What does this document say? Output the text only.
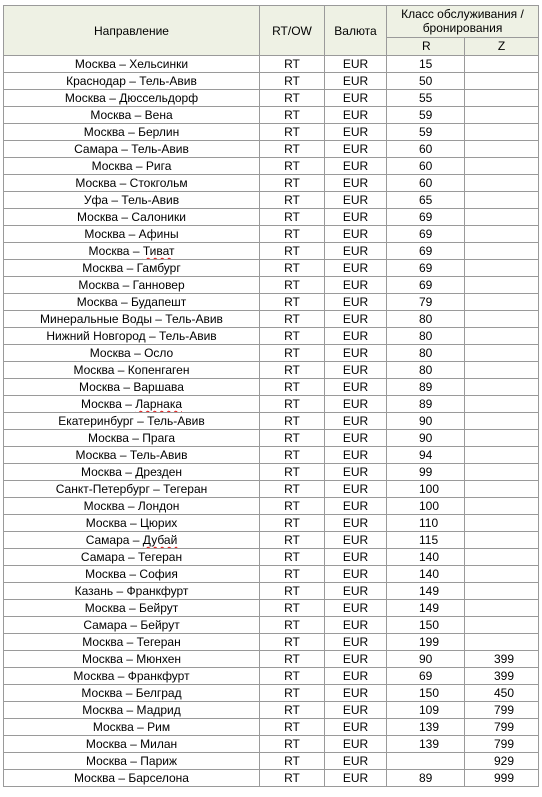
Направление	RT/OW	Валюта	Класс обслуживания / бронирования	
			R	Z
Москва – Хельсинки	RT	EUR	15	
Краснодар – Тель-Авив	RT	EUR	50	
Москва – Дюссельдорф	RT	EUR	55	
Москва – Вена	RT	EUR	59	
Москва – Берлин	RT	EUR	59	
Самара – Тель-Авив	RT	EUR	60	
Москва – Рига	RT	EUR	60	
Москва – Стокгольм	RT	EUR	60	
Уфа – Тель-Авив	RT	EUR	65	
Москва – Салоники	RT	EUR	69	
Москва – Афины	RT	EUR	69	
Москва – Тиват	RT	EUR	69	
Москва – Гамбург	RT	EUR	69	
Москва – Ганновер	RT	EUR	69	
Москва – Будапешт	RT	EUR	79	
Минеральные Воды – Тель-Авив	RT	EUR	80	
Нижний Новгород – Тель-Авив	RT	EUR	80	
Москва – Осло	RT	EUR	80	
Москва – Копенгаген	RT	EUR	80	
Москва – Варшава	RT	EUR	89	
Москва – Ларнака	RT	EUR	89	
Екатеринбург – Тель-Авив	RT	EUR	90	
Москва – Прага	RT	EUR	90	
Москва – Тель-Авив	RT	EUR	94	
Москва – Дрезден	RT	EUR	99	
Санкт-Петербург – Тегеран	RT	EUR	100	
Москва – Лондон	RT	EUR	100	
Москва – Цюрих	RT	EUR	110	
Самара – Дубай	RT	EUR	115	
Самара – Тегеран	RT	EUR	140	
Москва – София	RT	EUR	140	
Казань – Франкфурт	RT	EUR	149	
Москва – Бейрут	RT	EUR	149	
Самара – Бейрут	RT	EUR	150	
Москва – Тегеран	RT	EUR	199	
Москва – Мюнхен	RT	EUR	90	399
Москва – Франкфурт	RT	EUR	69	399
Москва – Белград	RT	EUR	150	450
Москва – Мадрид	RT	EUR	109	799
Москва – Рим	RT	EUR	139	799
Москва – Милан	RT	EUR	139	799
Москва – Париж	RT	EUR		929
Москва – Барселона	RT	EUR	89	999
